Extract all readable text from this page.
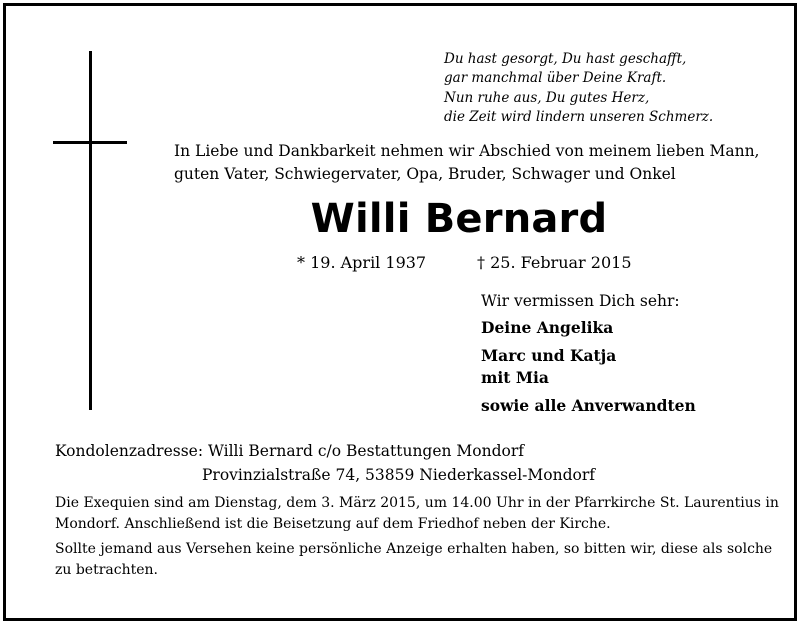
Du hast gesorgt, Du hast geschafft,
gar manchmal über Deine Kraft.
Nun ruhe aus, Du gutes Herz,
die Zeit wird lindern unseren Schmerz.
In Liebe und Dankbarkeit nehmen wir Abschied von meinem lieben Mann,
guten Vater, Schwiegervater, Opa, Bruder, Schwager und Onkel
Willi Bernard
* 19. April 1937	† 25. Februar 2015
Wir vermissen Dich sehr:
Deine Angelika
Marc und Katja
mit Mia
sowie alle Anverwandten
Kondolenzadresse: Willi Bernard c/o Bestattungen Mondorf
Provinzialstraße 74, 53859 Niederkassel-Mondorf
Die Exequien sind am Dienstag, dem 3. März 2015, um 14.00 Uhr in der Pfarrkirche St. Laurentius in Mondorf. Anschließend ist die Beisetzung auf dem Friedhof neben der Kirche.
Sollte jemand aus Versehen keine persönliche Anzeige erhalten haben, so bitten wir, diese als solche zu betrachten.
